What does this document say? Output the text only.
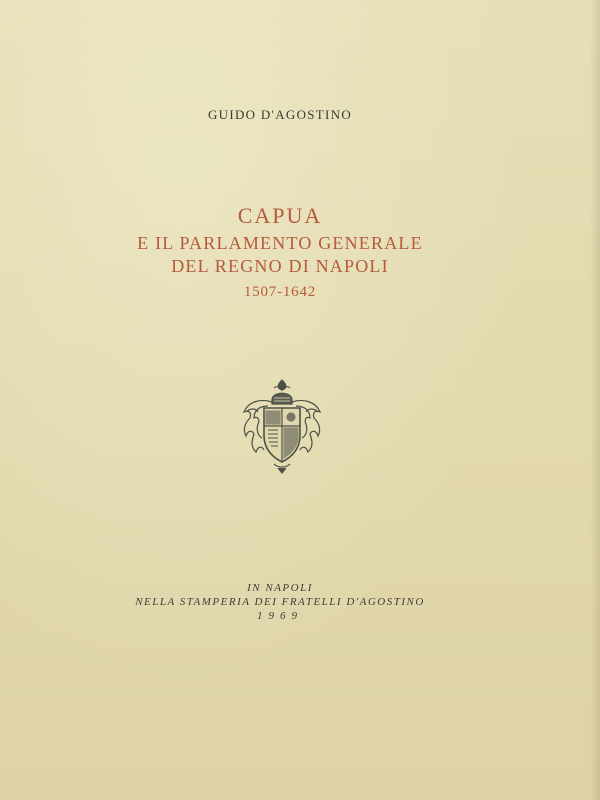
GUIDO D'AGOSTINO
CAPUA
E IL PARLAMENTO GENERALE
DEL REGNO DI NAPOLI
1507-1642
IN NAPOLI
NELLA STAMPERIA DEI FRATELLI D'AGOSTINO
1969
